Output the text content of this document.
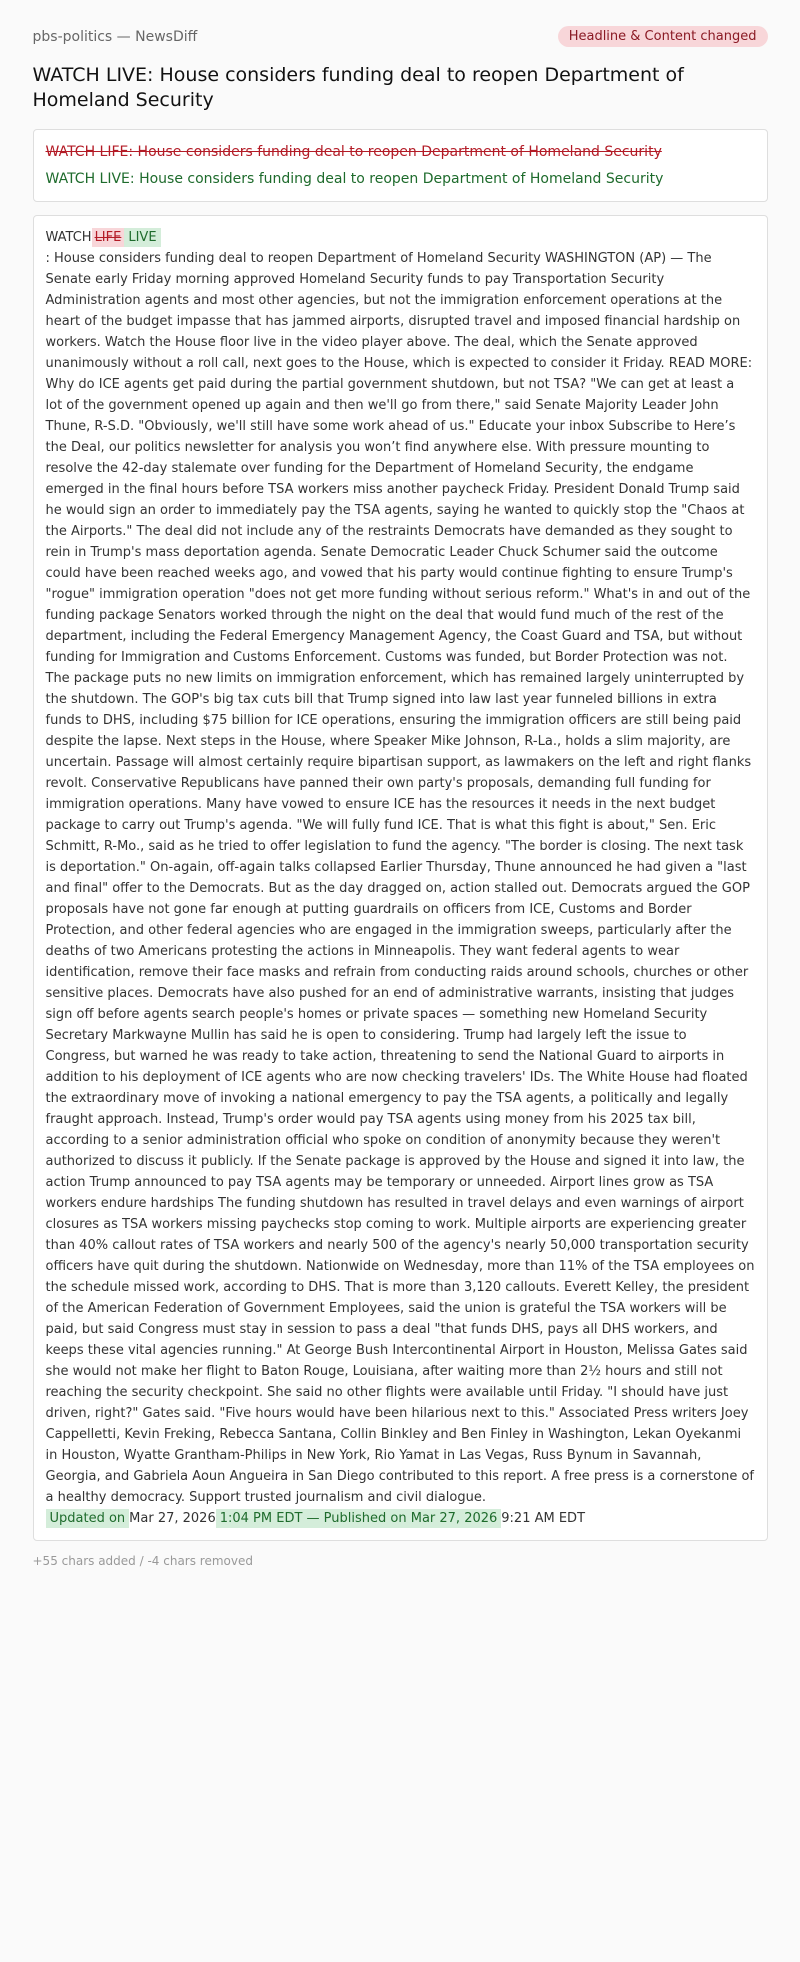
pbs-politics — NewsDiff	Headline & Content changed
WATCH LIVE: House considers funding deal to reopen Department of Homeland Security
WATCH LIFE: House considers funding deal to reopen Department of Homeland Security
WATCH LIVE: House considers funding deal to reopen Department of Homeland Security
WATCH LIFE LIVE
: House considers funding deal to reopen Department of Homeland Security WASHINGTON (AP) — The Senate early Friday morning approved Homeland Security funds to pay Transportation Security Administration agents and most other agencies, but not the immigration enforcement operations at the heart of the budget impasse that has jammed airports, disrupted travel and imposed financial hardship on workers. Watch the House floor live in the video player above. The deal, which the Senate approved unanimously without a roll call, next goes to the House, which is expected to consider it Friday. READ MORE: Why do ICE agents get paid during the partial government shutdown, but not TSA? "We can get at least a lot of the government opened up again and then we'll go from there," said Senate Majority Leader John Thune, R-S.D. "Obviously, we'll still have some work ahead of us." Educate your inbox Subscribe to Here’s the Deal, our politics newsletter for analysis you won’t find anywhere else. With pressure mounting to resolve the 42-day stalemate over funding for the Department of Homeland Security, the endgame emerged in the final hours before TSA workers miss another paycheck Friday. President Donald Trump said he would sign an order to immediately pay the TSA agents, saying he wanted to quickly stop the "Chaos at the Airports." The deal did not include any of the restraints Democrats have demanded as they sought to rein in Trump's mass deportation agenda. Senate Democratic Leader Chuck Schumer said the outcome could have been reached weeks ago, and vowed that his party would continue fighting to ensure Trump's "rogue" immigration operation "does not get more funding without serious reform." What's in and out of the funding package Senators worked through the night on the deal that would fund much of the rest of the department, including the Federal Emergency Management Agency, the Coast Guard and TSA, but without funding for Immigration and Customs Enforcement. Customs was funded, but Border Protection was not. The package puts no new limits on immigration enforcement, which has remained largely uninterrupted by the shutdown. The GOP's big tax cuts bill that Trump signed into law last year funneled billions in extra funds to DHS, including $75 billion for ICE operations, ensuring the immigration officers are still being paid despite the lapse. Next steps in the House, where Speaker Mike Johnson, R-La., holds a slim majority, are uncertain. Passage will almost certainly require bipartisan support, as lawmakers on the left and right flanks revolt. Conservative Republicans have panned their own party's proposals, demanding full funding for immigration operations. Many have vowed to ensure ICE has the resources it needs in the next budget package to carry out Trump's agenda. "We will fully fund ICE. That is what this fight is about," Sen. Eric Schmitt, R-Mo., said as he tried to offer legislation to fund the agency. "The border is closing. The next task is deportation." On-again, off-again talks collapsed Earlier Thursday, Thune announced he had given a "last and final" offer to the Democrats. But as the day dragged on, action stalled out. Democrats argued the GOP proposals have not gone far enough at putting guardrails on officers from ICE, Customs and Border Protection, and other federal agencies who are engaged in the immigration sweeps, particularly after the deaths of two Americans protesting the actions in Minneapolis. They want federal agents to wear identification, remove their face masks and refrain from conducting raids around schools, churches or other sensitive places. Democrats have also pushed for an end of administrative warrants, insisting that judges sign off before agents search people's homes or private spaces — something new Homeland Security Secretary Markwayne Mullin has said he is open to considering. Trump had largely left the issue to Congress, but warned he was ready to take action, threatening to send the National Guard to airports in addition to his deployment of ICE agents who are now checking travelers' IDs. The White House had floated the extraordinary move of invoking a national emergency to pay the TSA agents, a politically and legally fraught approach. Instead, Trump's order would pay TSA agents using money from his 2025 tax bill, according to a senior administration official who spoke on condition of anonymity because they weren't authorized to discuss it publicly. If the Senate package is approved by the House and signed it into law, the action Trump announced to pay TSA agents may be temporary or unneeded. Airport lines grow as TSA workers endure hardships The funding shutdown has resulted in travel delays and even warnings of airport closures as TSA workers missing paychecks stop coming to work. Multiple airports are experiencing greater than 40% callout rates of TSA workers and nearly 500 of the agency's nearly 50,000 transportation security officers have quit during the shutdown. Nationwide on Wednesday, more than 11% of the TSA employees on the schedule missed work, according to DHS. That is more than 3,120 callouts. Everett Kelley, the president of the American Federation of Government Employees, said the union is grateful the TSA workers will be paid, but said Congress must stay in session to pass a deal "that funds DHS, pays all DHS workers, and keeps these vital agencies running." At George Bush Intercontinental Airport in Houston, Melissa Gates said she would not make her flight to Baton Rouge, Louisiana, after waiting more than 2½ hours and still not reaching the security checkpoint. She said no other flights were available until Friday. "I should have just driven, right?" Gates said. "Five hours would have been hilarious next to this." Associated Press writers Joey Cappelletti, Kevin Freking, Rebecca Santana, Collin Binkley and Ben Finley in Washington, Lekan Oyekanmi in Houston, Wyatte Grantham-Philips in New York, Rio Yamat in Las Vegas, Russ Bynum in Savannah, Georgia, and Gabriela Aoun Angueira in San Diego contributed to this report. A free press is a cornerstone of a healthy democracy. Support trusted journalism and civil dialogue.
Updated on Mar 27, 2026 1:04 PM EDT — Published on Mar 27, 2026 9:21 AM EDT
+55 chars added / -4 chars removed
